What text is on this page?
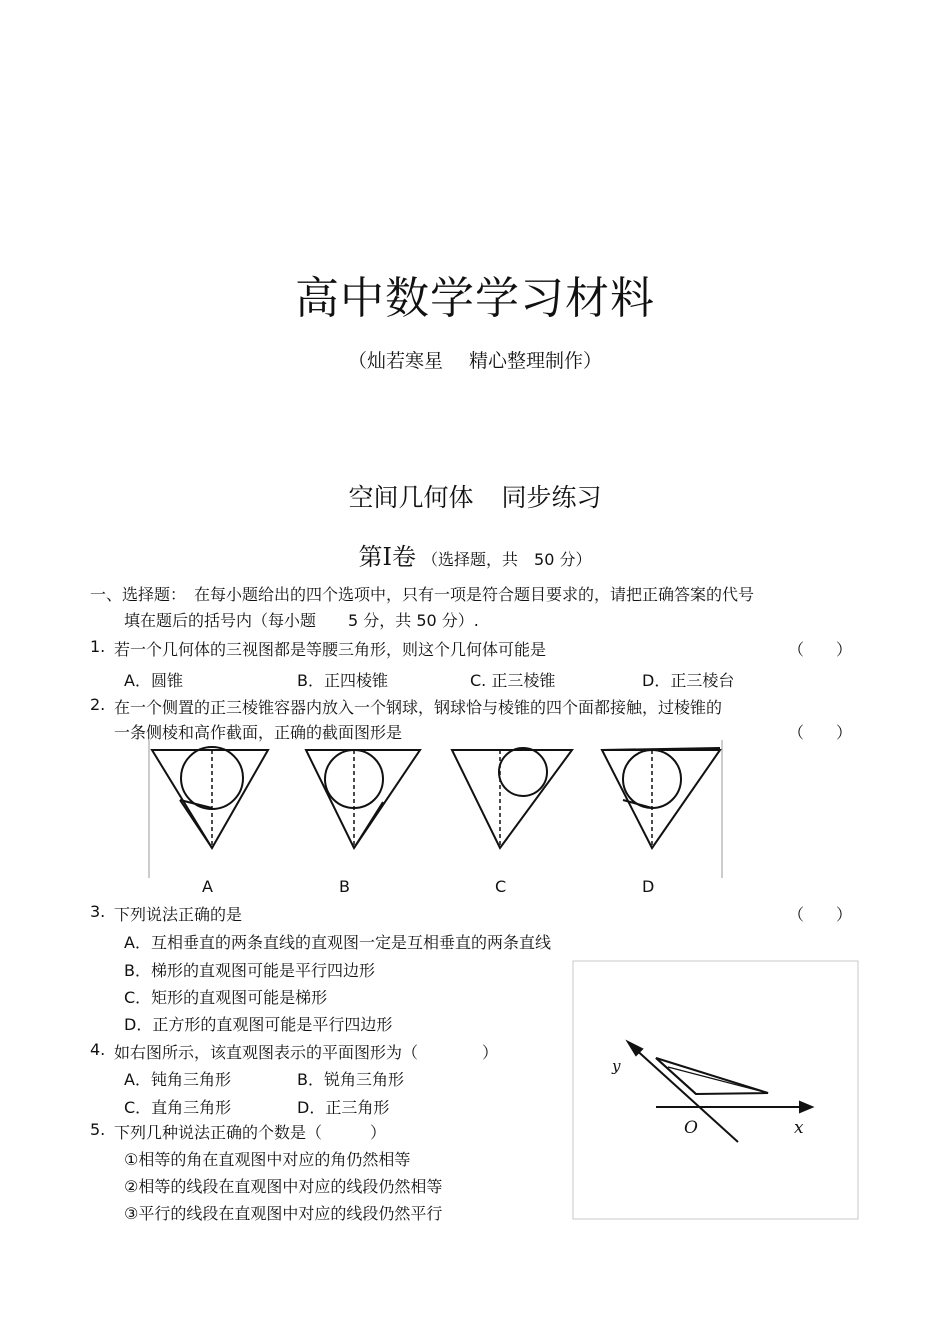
高中数学学习材料
（灿若寒星 精心整理制作）
空间几何体 同步练习
第Ⅰ卷 （选择题，共　50 分）
一、选择题：　在每小题给出的四个选项中，只有一项是符合题目要求的，请把正确答案的代号
填在题后的括号内（每小题　　5 分，共 50 分）.
1. 若一个几何体的三视图都是等腰三角形，则这个几何体可能是	（　　）
A．圆锥	B．正四棱锥	C. 正三棱锥	D．正三棱台
2. 在一个侧置的正三棱锥容器内放入一个钢球，钢球恰与棱锥的四个面都接触，过棱锥的
一条侧棱和高作截面，正确的截面图形是	（　　）
A	B	C	D
3. 下列说法正确的是	（　　）
A．互相垂直的两条直线的直观图一定是互相垂直的两条直线
B．梯形的直观图可能是平行四边形
C．矩形的直观图可能是梯形
D．正方形的直观图可能是平行四边形
4. 如右图所示，该直观图表示的平面图形为（　　　　）
A．钝角三角形	B．锐角三角形
C．直角三角形	D．正三角形
y
O	x
5. 下列几种说法正确的个数是（　　　）
①相等的角在直观图中对应的角仍然相等
②相等的线段在直观图中对应的线段仍然相等
③平行的线段在直观图中对应的线段仍然平行
